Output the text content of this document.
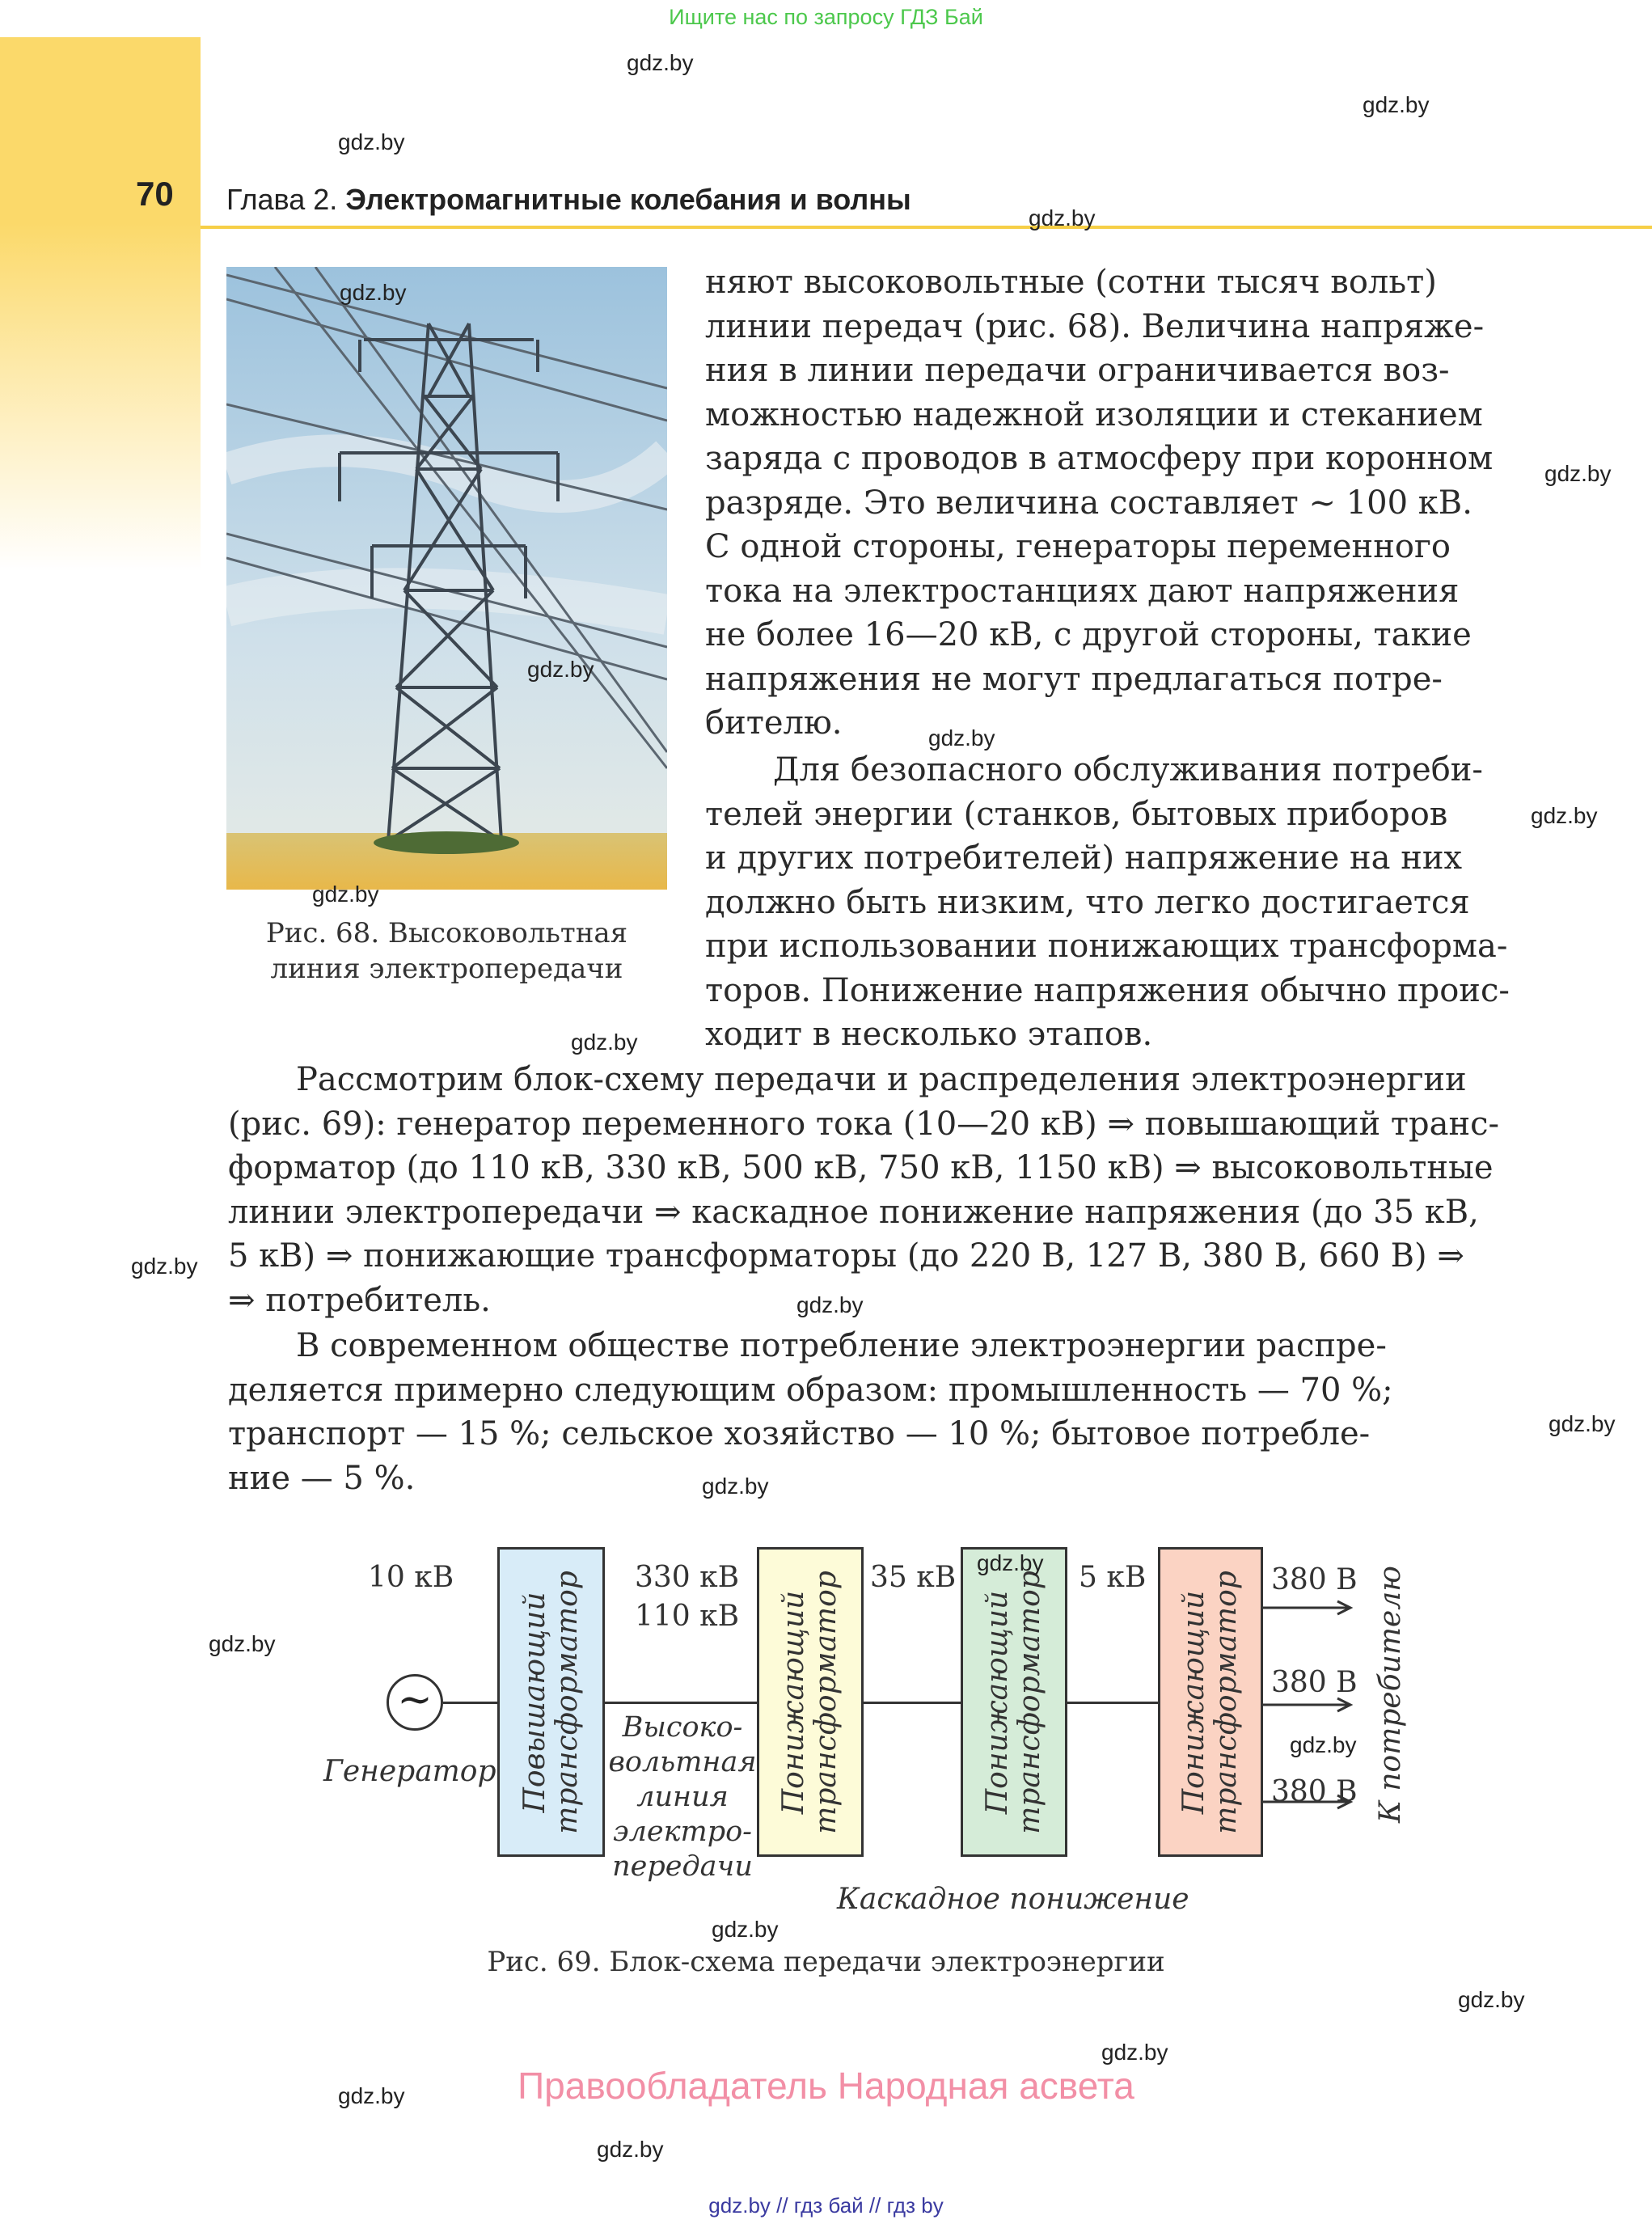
Ищите нас по запросу ГДЗ Бай
70 Глава 2. Электромагнитные колебания и волны
Рис. 68. Высоковольтная
линия электропередачи
няют высоковольтные (сотни тысяч вольт)
линии передач (рис. 68). Величина напряже-
ния в линии передачи ограничивается воз-
можностью надежной изоляции и стеканием
заряда с проводов в атмосферу при коронном
разряде. Это величина составляет ~ 100 кВ.
С одной стороны, генераторы переменного
тока на электростанциях дают напряжения
не более 16—20 кВ, с другой стороны, такие
напряжения не могут предлагаться потре-
бителю.
Для безопасного обслуживания потреби-
телей энергии (станков, бытовых приборов
и других потребителей) напряжение на них
должно быть низким, что легко достигается
при использовании понижающих трансформа-
торов. Понижение напряжения обычно проис-
ходит в несколько этапов.
Рассмотрим блок-схему передачи и распределения электроэнергии
(рис. 69): генератор переменного тока (10—20 кВ) ⇒ повышающий транс-
форматор (до 110 кВ, 330 кВ, 500 кВ, 750 кВ, 1150 кВ) ⇒ высоковольтные
линии электропередачи ⇒ каскадное понижение напряжения (до 35 кВ,
5 кВ) ⇒ понижающие трансформаторы (до 220 В, 127 В, 380 В, 660 В) ⇒
⇒ потребитель.
В современном обществе потребление электроэнергии распре-
деляется примерно следующим образом: промышленность — 70 %;
транспорт — 15 %; сельское хозяйство — 10 %; бытовое потребле-
ние — 5 %.
~
Генератор
10 кВ
Повышающий трансформатор 330 кВ
110 кВ
Высоко-
вольтная
линия
электро-
передачи
Понижающий трансформатор 35 кВ
Понижающий трансформатор 5 кВ
Понижающий трансформатор 380 В
380 В
380 В К потребителю
Каскадное понижение
Рис. 69. Блок-схема передачи электроэнергии
gdz.by
gdz.by
gdz.by
gdz.by
gdz.by
gdz.by
gdz.by
gdz.by
gdz.by
gdz.by
gdz.by
gdz.by
gdz.by
gdz.by
gdz.by
gdz.by
gdz.by
gdz.by
gdz.by
gdz.by
gdz.by
gdz.by
gdz.by
Правообладатель Народная асвета
gdz.by // гдз бай // гдз by
